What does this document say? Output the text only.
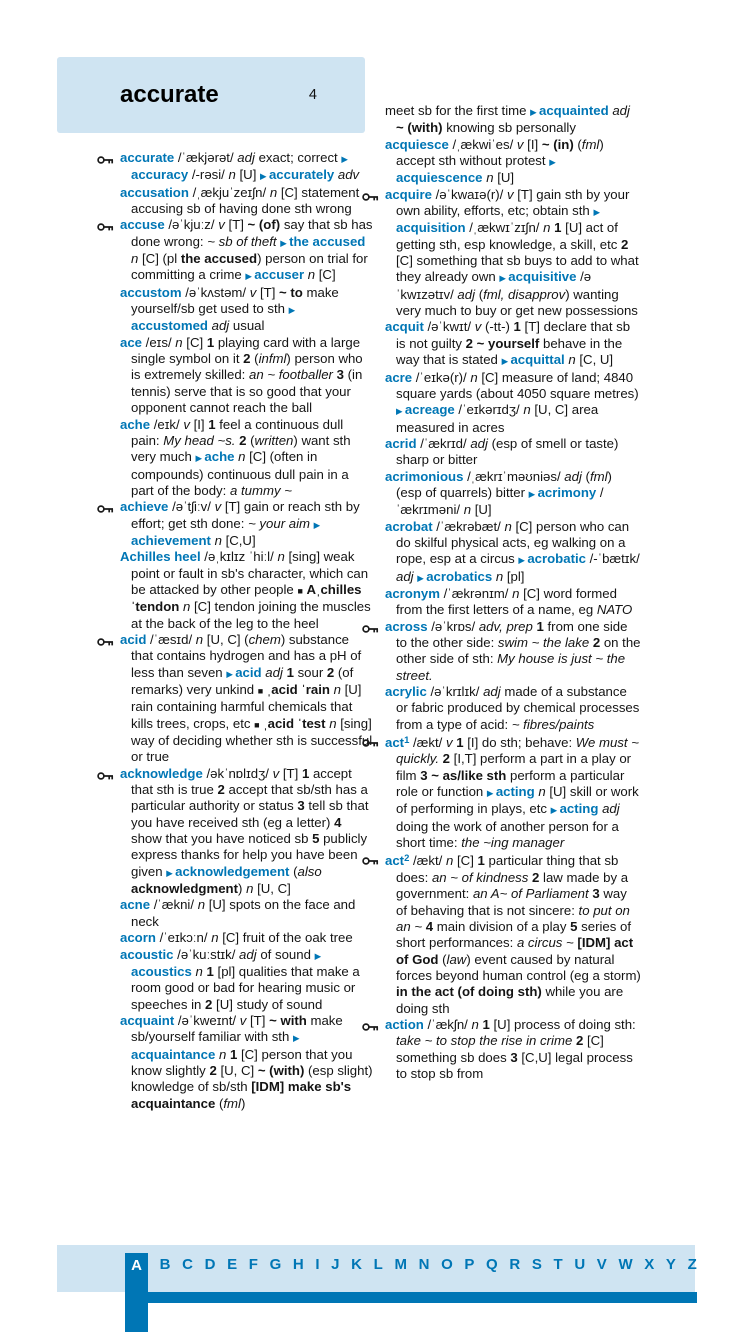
accurate	4
accurate /ˈækjərət/ adj exact; correct ▶ accuracy /-rəsi/ n [U] ▶ accurately adv
accusation /ˌækjuˈzeɪʃn/ n [C] statement accusing sb of having done sth wrong
accuse /əˈkjuːz/ v [T] ~ (of) say that sb has done wrong: ~ sb of theft ▶ the accused n [C] (pl the accused) person on trial for committing a crime ▶ accuser n [C]
accustom /əˈkʌstəm/ v [T] ~ to make yourself/sb get used to sth ▶ accustomed adj usual
ace /eɪs/ n [C] 1 playing card with a large single symbol on it 2 (infml) person who is extremely skilled: an ~ footballer 3 (in tennis) serve that is so good that your opponent cannot reach the ball
ache /eɪk/ v [I] 1 feel a continuous dull pain: My head ~s. 2 (written) want sth very much ▶ ache n [C] (often in compounds) continuous dull pain in a part of the body: a tummy ~
achieve /əˈtʃiːv/ v [T] gain or reach sth by effort; get sth done: ~ your aim ▶ achievement n [C,U]
Achilles heel /əˌkɪlɪz ˈhiːl/ n [sing] weak point or fault in sb's character, which can be attacked by other people ■ Aˌchilles ˈtendon n [C] tendon joining the muscles at the back of the leg to the heel
acid /ˈæsɪd/ n [U, C] (chem) substance that contains hydrogen and has a pH of less than seven ▶ acid adj 1 sour 2 (of remarks) very unkind ■ ˌacid ˈrain n [U] rain containing harmful chemicals that kills trees, crops, etc ■ ˌacid ˈtest n [sing] way of deciding whether sth is successful or true
acknowledge /əkˈnɒlɪdʒ/ v [T] 1 accept that sth is true 2 accept that sb/sth has a particular authority or status 3 tell sb that you have received sth (eg a letter) 4 show that you have noticed sb 5 publicly express thanks for help you have been given ▶ acknowledgement (also acknowledgment) n [U, C]
acne /ˈækni/ n [U] spots on the face and neck
acorn /ˈeɪkɔːn/ n [C] fruit of the oak tree
acoustic /əˈkuːstɪk/ adj of sound ▶ acoustics n 1 [pl] qualities that make a room good or bad for hearing music or speeches in 2 [U] study of sound
acquaint /əˈkweɪnt/ v [T] ~ with make sb/yourself familiar with sth ▶ acquaintance n 1 [C] person that you know slightly 2 [U, C] ~ (with) (esp slight) knowledge of sb/sth [IDM] make sb's acquaintance (fml)
meet sb for the first time ▶ acquainted adj ~ (with) knowing sb personally
acquiesce /ˌækwiˈes/ v [I] ~ (in) (fml) accept sth without protest ▶ acquiescence n [U]
acquire /əˈkwaɪə(r)/ v [T] gain sth by your own ability, efforts, etc; obtain sth ▶ acquisition /ˌækwɪˈzɪʃn/ n 1 [U] act of getting sth, esp knowledge, a skill, etc 2 [C] something that sb buys to add to what they already own ▶ acquisitive /əˈkwɪzətɪv/ adj (fml, disapprov) wanting very much to buy or get new possessions
acquit /əˈkwɪt/ v (-tt-) 1 [T] declare that sb is not guilty 2 ~ yourself behave in the way that is stated ▶ acquittal n [C, U]
acre /ˈeɪkə(r)/ n [C] measure of land; 4840 square yards (about 4050 square metres) ▶ acreage /ˈeɪkərɪdʒ/ n [U, C] area measured in acres
acrid /ˈækrɪd/ adj (esp of smell or taste) sharp or bitter
acrimonious /ˌækrɪˈməʊniəs/ adj (fml) (esp of quarrels) bitter ▶ acrimony /ˈækrɪməni/ n [U]
acrobat /ˈækrəbæt/ n [C] person who can do skilful physical acts, eg walking on a rope, esp at a circus ▶ acrobatic /-ˈbætɪk/ adj ▶ acrobatics n [pl]
acronym /ˈækrənɪm/ n [C] word formed from the first letters of a name, eg NATO
across /əˈkrɒs/ adv, prep 1 from one side to the other side: swim ~ the lake 2 on the other side of sth: My house is just ~ the street.
acrylic /əˈkrɪlɪk/ adj made of a substance or fabric produced by chemical processes from a type of acid: ~ fibres/paints
act$^1$ /ækt/ v 1 [I] do sth; behave: We must ~ quickly. 2 [I,T] perform a part in a play or film 3 ~ as/like sth perform a particular role or function ▶ acting n [U] skill or work of performing in plays, etc ▶ acting adj doing the work of another person for a short time: the ~ing manager
act$^2$ /ækt/ n [C] 1 particular thing that sb does: an ~ of kindness 2 law made by a government: an A~ of Parliament 3 way of behaving that is not sincere: to put on an ~ 4 main division of a play 5 series of short performances: a circus ~ [IDM] act of God (law) event caused by natural forces beyond human control (eg a storm) in the act (of doing sth) while you are doing sth
action /ˈækʃn/ n 1 [U] process of doing sth: take ~ to stop the rise in crime 2 [C] something sb does 3 [C,U] legal process to stop sb from
A	B C D E F G H I J K L M N O P Q R S T U V W X Y Z
